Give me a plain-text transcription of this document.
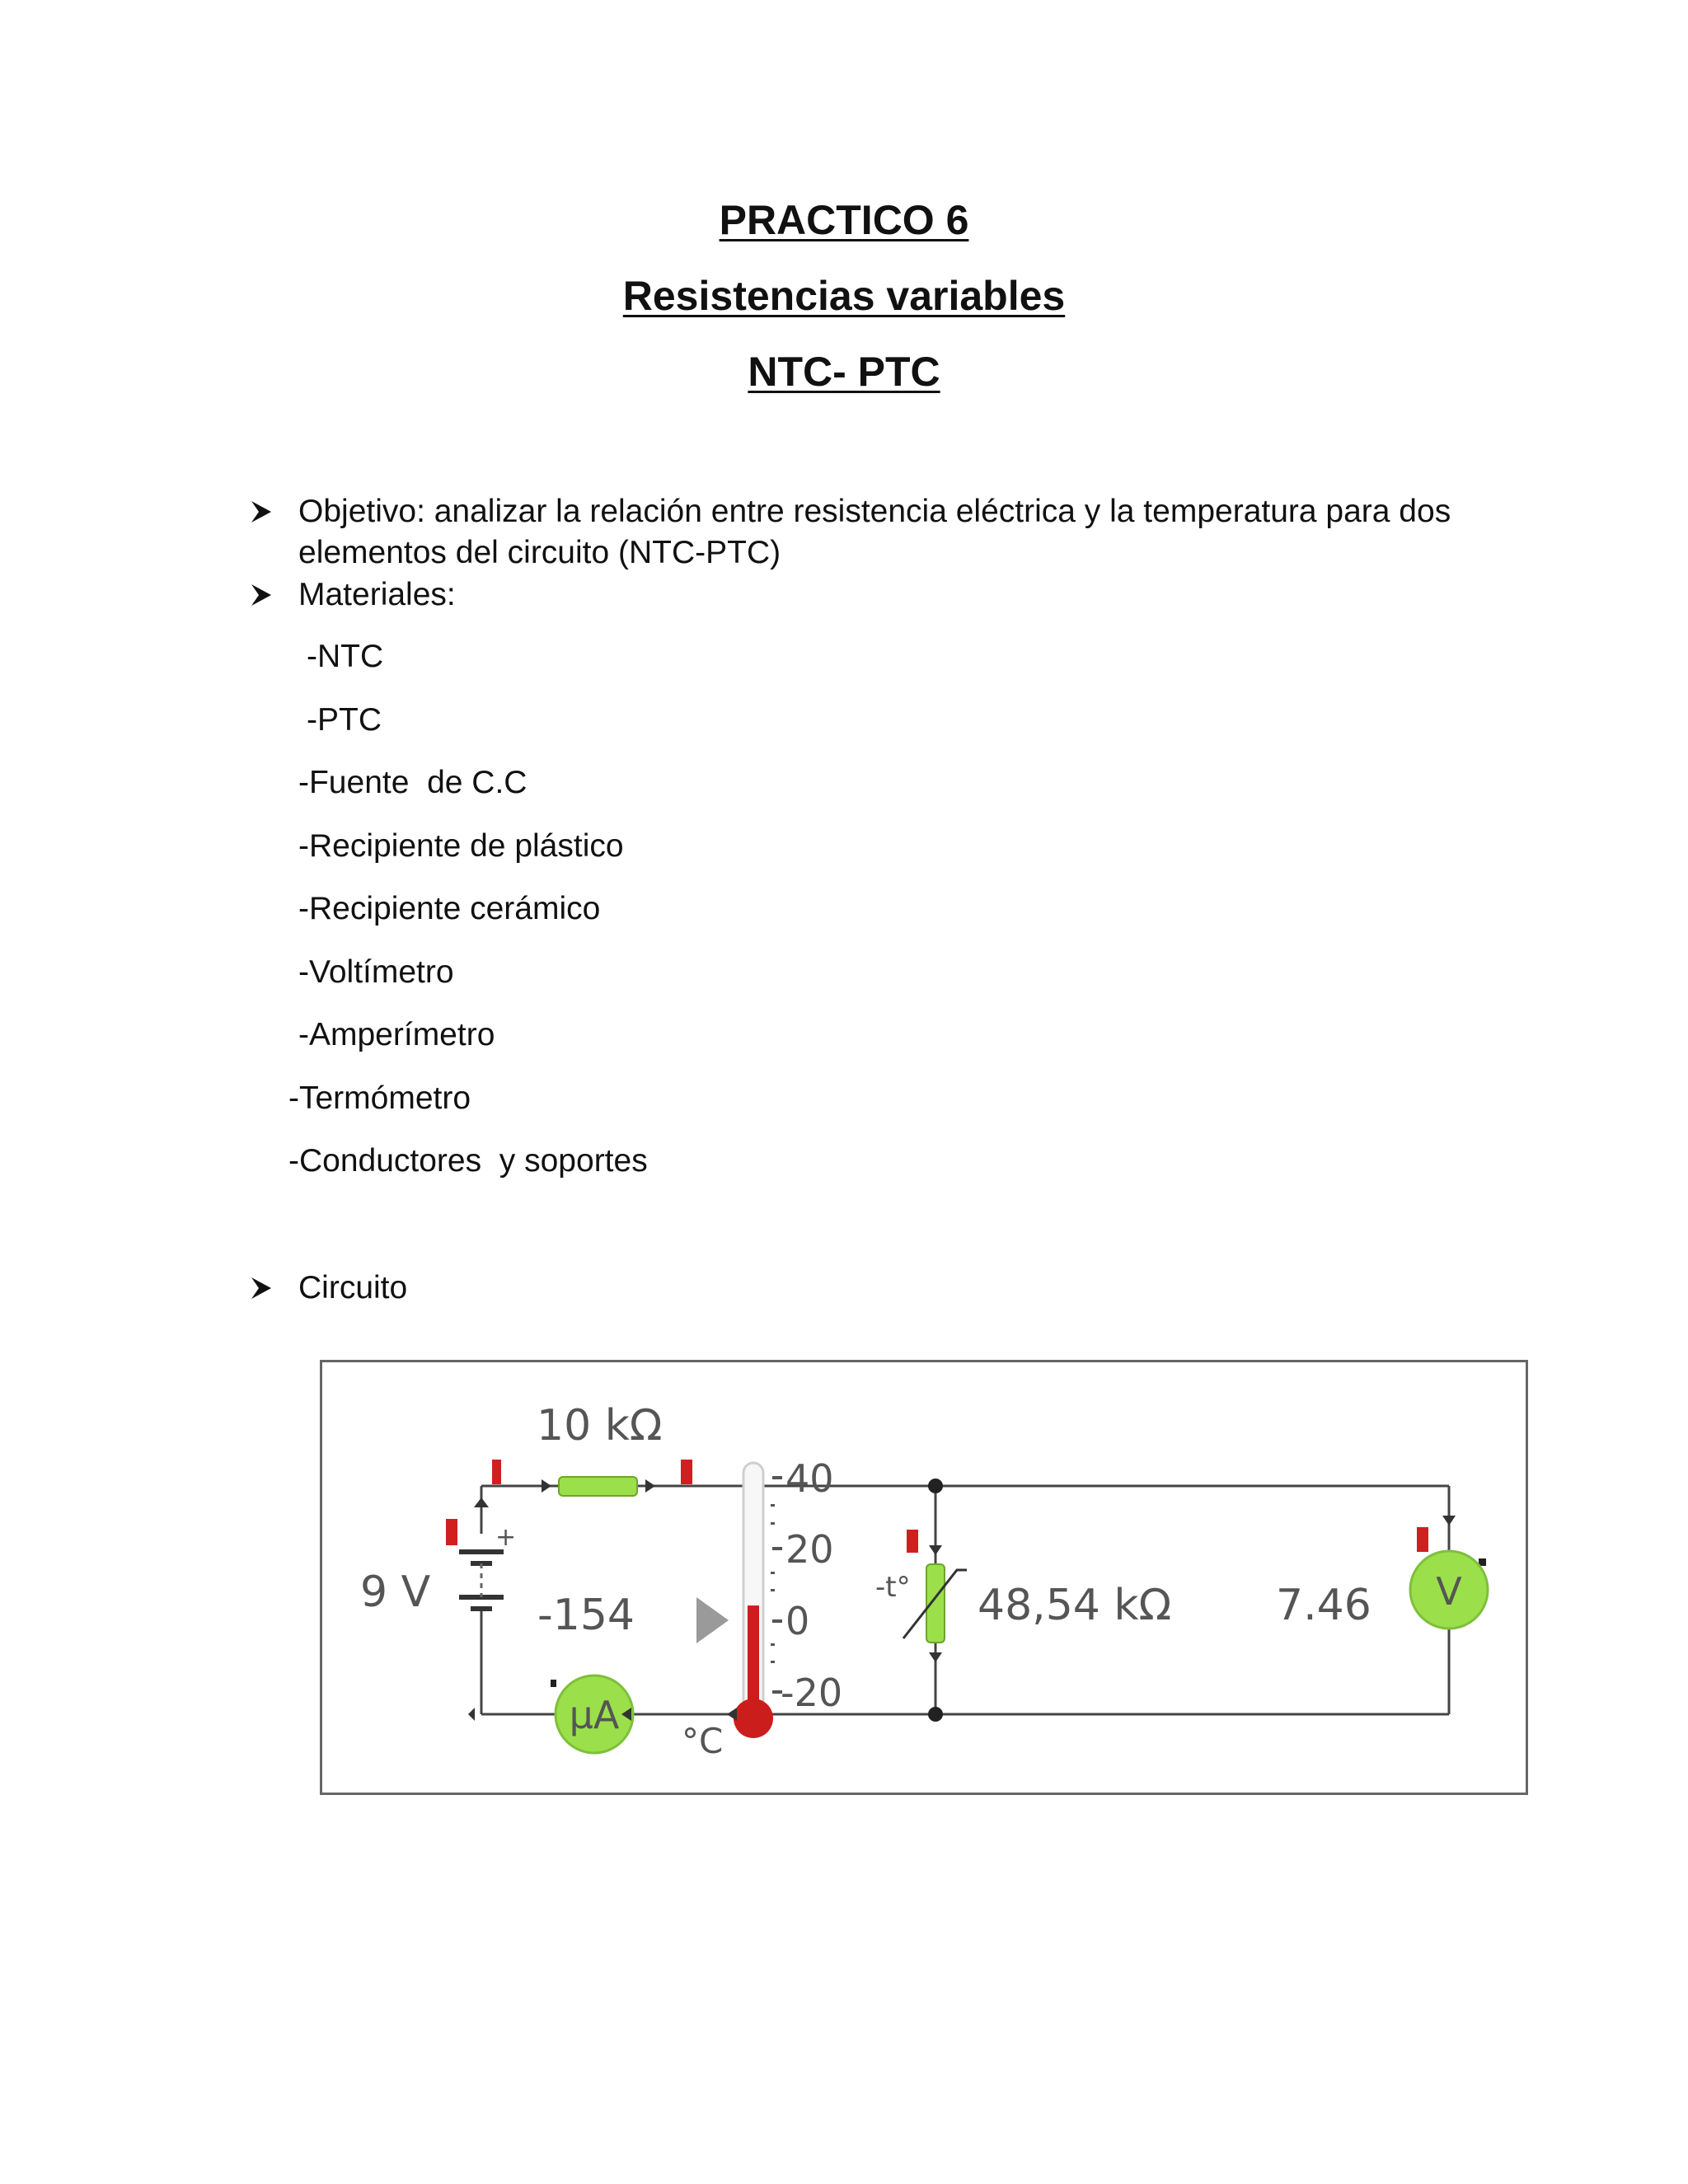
PRACTICO 6
Resistencias variables
NTC- PTC
Objetivo: analizar la relación entre resistencia eléctrica y la temperatura para dos elementos del circuito (NTC-PTC)
Materiales:
-NTC
-PTC
-Fuente  de C.C
-Recipiente de plástico
-Recipiente cerámico
-Voltímetro
-Amperímetro
-Termómetro
-Conductores  y soportes
Circuito
10 kΩ
+
9 V -154
µA
40
20
0
-20
°C
-t° 48,54 kΩ 7.46 V
